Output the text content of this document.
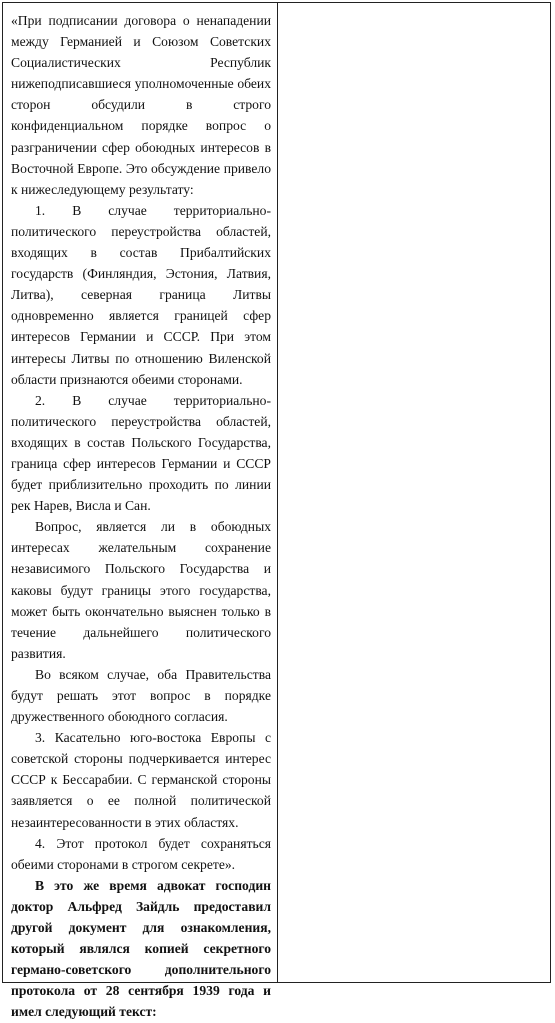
«При подписании договора о ненападении между Германией и Союзом Советских Социалистических Республик нижеподписавшиеся уполномоченные обеих сторон обсудили в строго конфиденциальном порядке вопрос о разграничении сфер обоюдных интересов в Восточной Европе. Это обсуждение привело к нижеследующему результату:

1. В случае территориально-политического переустройства областей, входящих в состав Прибалтийских государств (Финляндия, Эстония, Латвия, Литва), северная граница Литвы одновременно является границей сфер интересов Германии и СССР. При этом интересы Литвы по отношению Виленской области признаются обеими сторонами.

2. В случае территориально-политического переустройства областей, входящих в состав Польского Государства, граница сфер интересов Германии и СССР будет приблизительно проходить по линии рек Нарев, Висла и Сан.

Вопрос, является ли в обоюдных интересах желательным сохранение независимого Польского Государства и каковы будут границы этого государства, может быть окончательно выяснен только в течение дальнейшего политического развития.

Во всяком случае, оба Правительства будут решать этот вопрос в порядке дружественного обоюдного согласия.

3. Касательно юго-востока Европы с советской стороны подчеркивается интерес СССР к Бессарабии. С германской стороны заявляется о ее полной политической незаинтересованности в этих областях.

4. Этот протокол будет сохраняться обеими сторонами в строгом секрете».

В это же время адвокат господин доктор Альфред Зайдль предоставил другой документ для ознакомления, который являлся копией секретного германо-советского дополнительного протокола от 28 сентября 1939 года и имел следующий текст:
